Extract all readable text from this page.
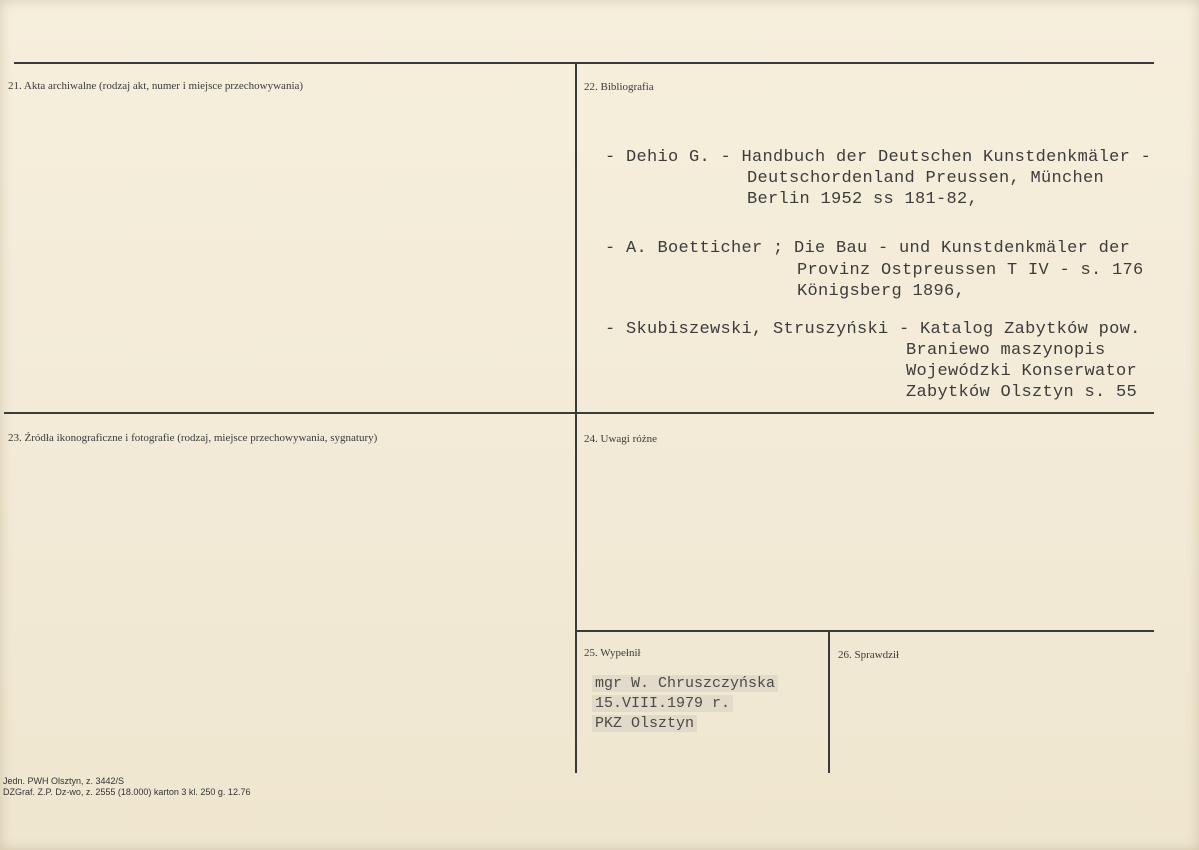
21. Akta archiwalne (rodzaj akt, numer i miejsce przechowywania)	22. Bibliografia
23. Źródła ikonograficzne i fotografie (rodzaj, miejsce przechowywania, sygnatury)	24. Uwagi różne
25. Wypełnił	26. Sprawdził
- Dehio G. - Handbuch der Deutschen Kunstdenkmäler -
Deutschordenland Preussen, München
Berlin 1952 ss 181-82,
- A. Boetticher ; Die Bau - und Kunstdenkmäler der
Provinz Ostpreussen T IV - s. 176
Königsberg 1896,
- Skubiszewski, Struszyński - Katalog Zabytków pow.
Braniewo maszynopis
Wojewódzki Konserwator
Zabytków Olsztyn s. 55
mgr W. Chruszczyńska
15.VIII.1979 r.
PKZ Olsztyn
Jedn. PWH Olsztyn, z. 3442/S
DZGraf. Z.P. Dz-wo, z. 2555 (18.000) karton 3 kl. 250 g. 12.76
